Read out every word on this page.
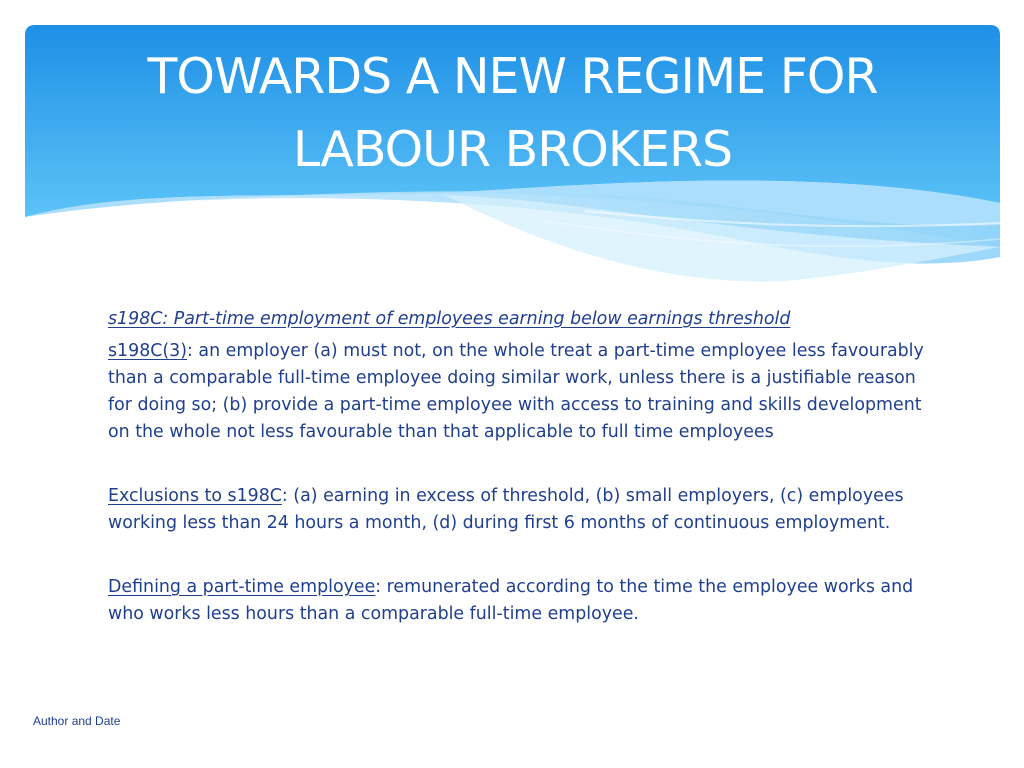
TOWARDS A NEW REGIME FOR LABOUR BROKERS

s198C: Part-time employment of employees earning below earnings threshold

s198C(3): an employer (a) must not, on the whole treat a part-time employee less favourably than a comparable full-time employee doing similar work, unless there is a justifiable reason for doing so; (b) provide a part-time employee with access to training and skills development on the whole not less favourable than that applicable to full time employees

Exclusions to s198C: (a) earning in excess of threshold, (b) small employers, (c) employees working less than 24 hours a month, (d) during first 6 months of continuous employment.

Defining a part-time employee: remunerated according to the time the employee works and who works less hours than a comparable full-time employee.

Author and Date
